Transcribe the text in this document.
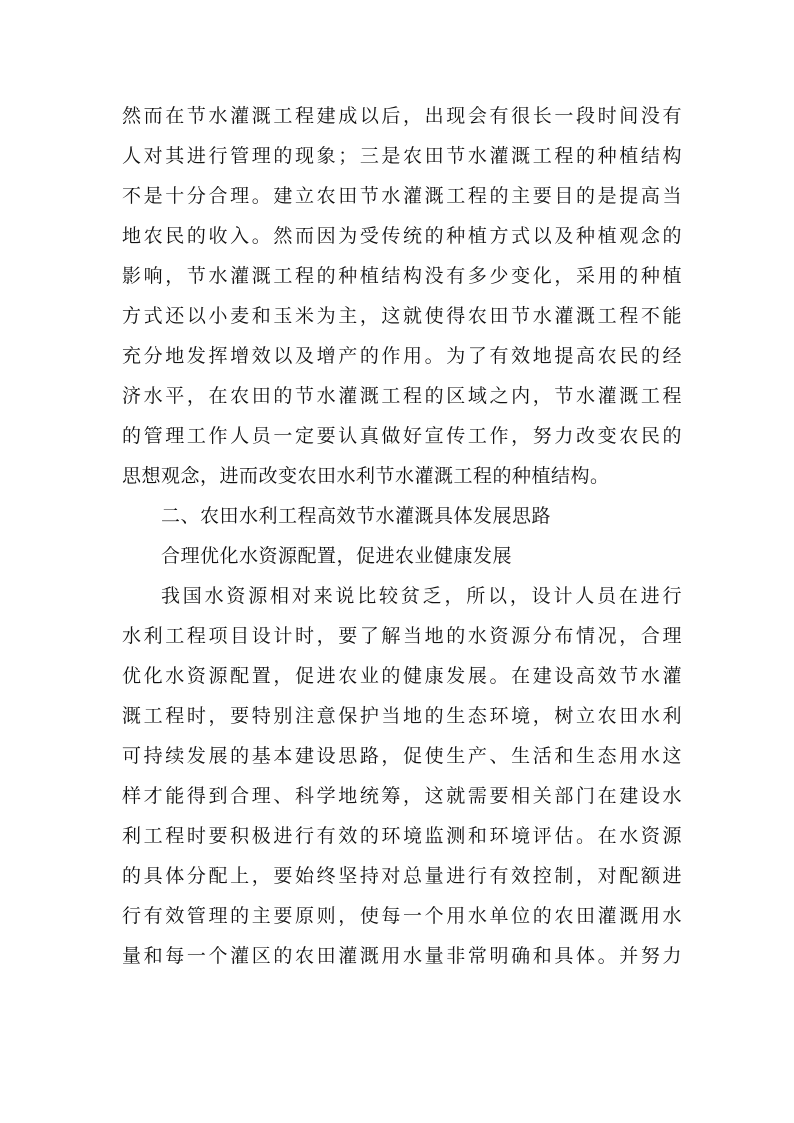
然而在节水灌溉工程建成以后，出现会有很长一段时间没有
人对其进行管理的现象；三是农田节水灌溉工程的种植结构
不是十分合理。建立农田节水灌溉工程的主要目的是提高当
地农民的收入。然而因为受传统的种植方式以及种植观念的
影响，节水灌溉工程的种植结构没有多少变化，采用的种植
方式还以小麦和玉米为主，这就使得农田节水灌溉工程不能
充分地发挥增效以及增产的作用。为了有效地提高农民的经
济水平，在农田的节水灌溉工程的区域之内，节水灌溉工程
的管理工作人员一定要认真做好宣传工作，努力改变农民的
思想观念，进而改变农田水利节水灌溉工程的种植结构。
二、农田水利工程高效节水灌溉具体发展思路
合理优化水资源配置，促进农业健康发展
我国水资源相对来说比较贫乏，所以，设计人员在进行
水利工程项目设计时，要了解当地的水资源分布情况，合理
优化水资源配置，促进农业的健康发展。在建设高效节水灌
溉工程时，要特别注意保护当地的生态环境，树立农田水利
可持续发展的基本建设思路，促使生产、生活和生态用水这
样才能得到合理、科学地统筹，这就需要相关部门在建设水
利工程时要积极进行有效的环境监测和环境评估。在水资源
的具体分配上，要始终坚持对总量进行有效控制，对配额进
行有效管理的主要原则，使每一个用水单位的农田灌溉用水
量和每一个灌区的农田灌溉用水量非常明确和具体。并努力
